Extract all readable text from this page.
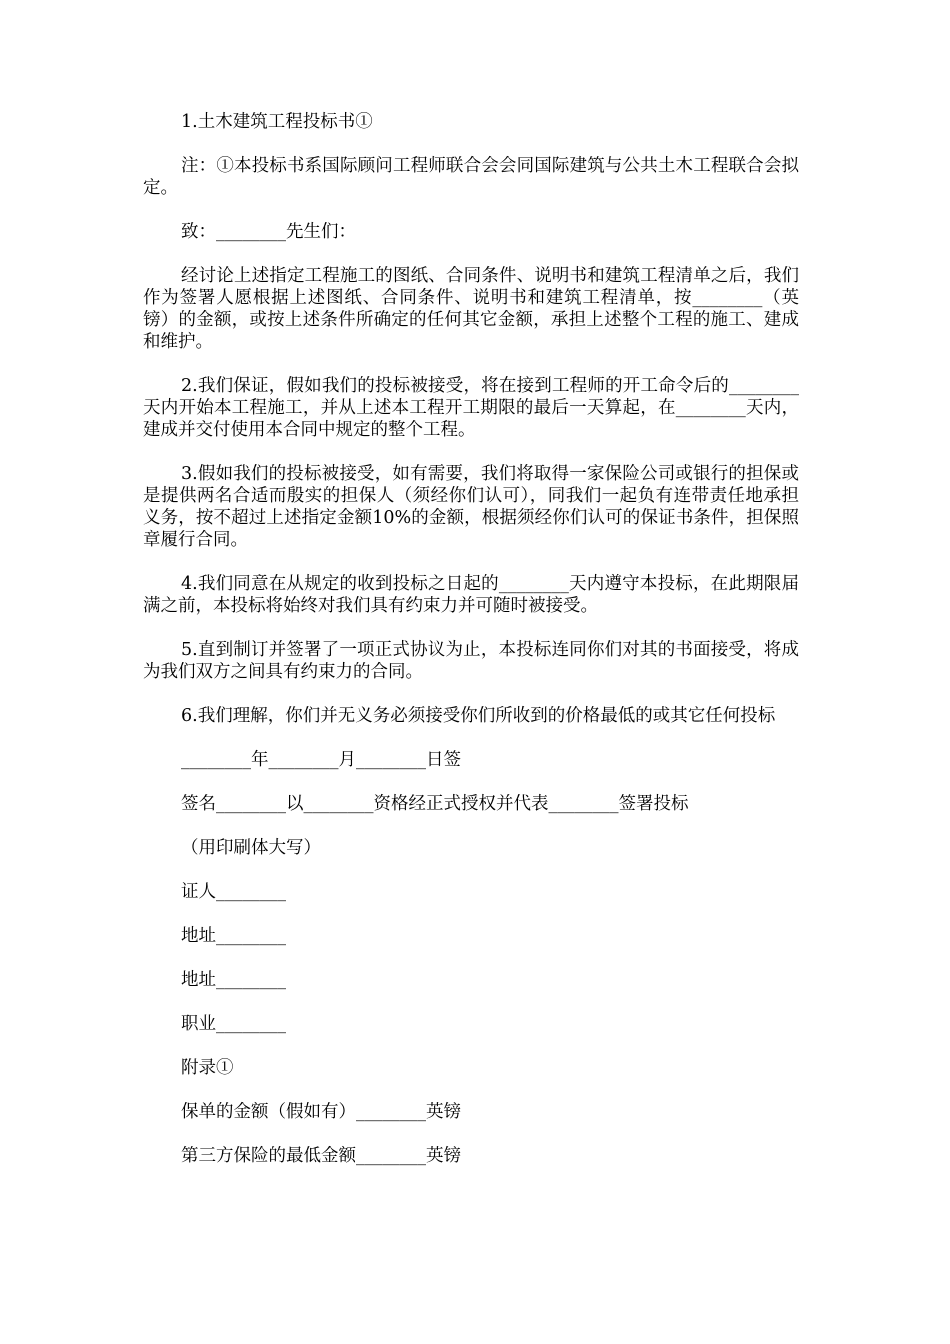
1.土木建筑工程投标书①

注：①本投标书系国际顾问工程师联合会会同国际建筑与公共土木工程联合会拟定。

致：________先生们：

经讨论上述指定工程施工的图纸、合同条件、说明书和建筑工程清单之后，我们作为签署人愿根据上述图纸、合同条件、说明书和建筑工程清单，按________（英镑）的金额，或按上述条件所确定的任何其它金额，承担上述整个工程的施工、建成和维护。

2.我们保证，假如我们的投标被接受，将在接到工程师的开工命令后的________天内开始本工程施工，并从上述本工程开工期限的最后一天算起，在________天内，建成并交付使用本合同中规定的整个工程。

3.假如我们的投标被接受，如有需要，我们将取得一家保险公司或银行的担保或是提供两名合适而殷实的担保人（须经你们认可），同我们一起负有连带责任地承担义务，按不超过上述指定金额10%的金额，根据须经你们认可的保证书条件，担保照章履行合同。

4.我们同意在从规定的收到投标之日起的________天内遵守本投标，在此期限届满之前，本投标将始终对我们具有约束力并可随时被接受。

5.直到制订并签署了一项正式协议为止，本投标连同你们对其的书面接受，将成为我们双方之间具有约束力的合同。

6.我们理解，你们并无义务必须接受你们所收到的价格最低的或其它任何投标

________年________月________日签

签名________以________资格经正式授权并代表________签署投标

（用印刷体大写）

证人________

地址________

地址________

职业________

附录①

保单的金额（假如有）________英镑

第三方保险的最低金额________英镑
